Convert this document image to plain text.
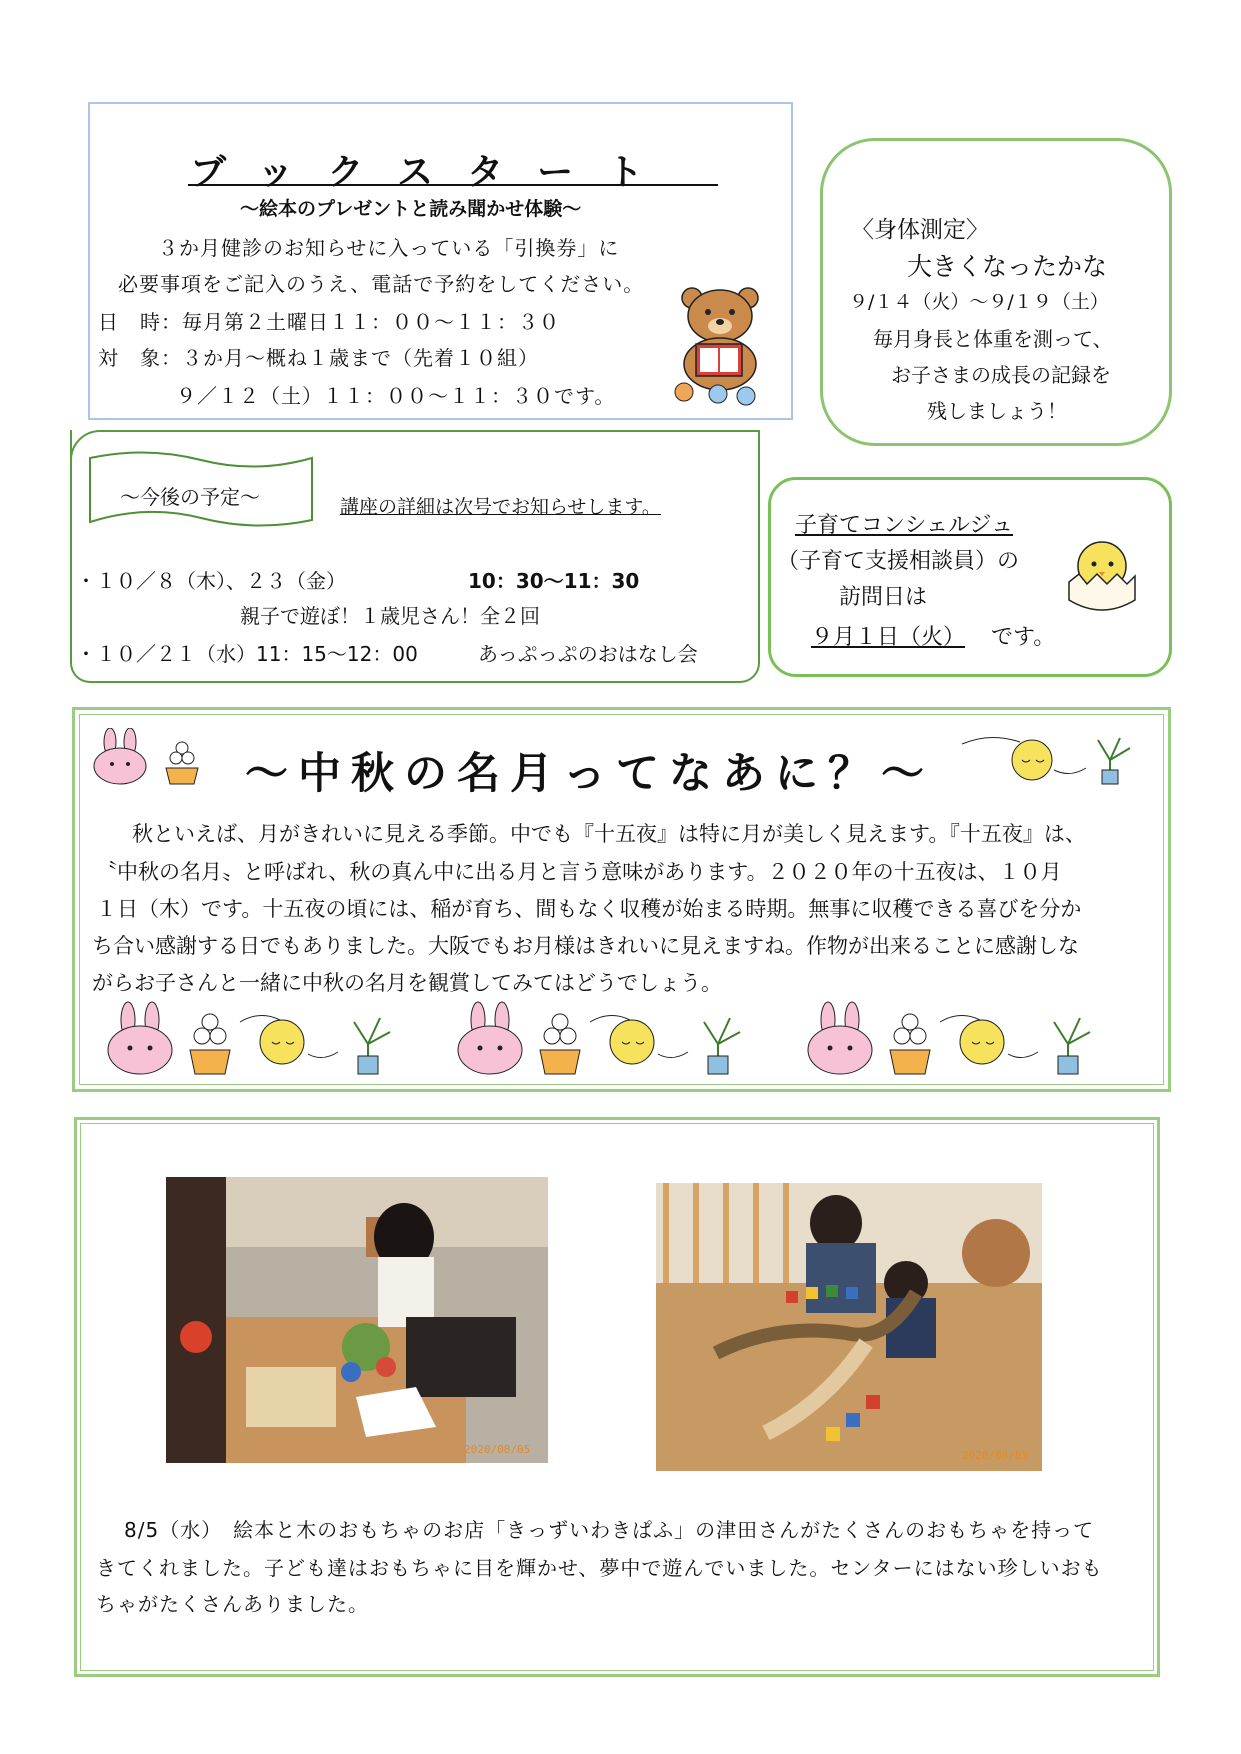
ブックスタート
～絵本のプレゼントと読み聞かせ体験～
３か月健診のお知らせに入っている「引換券」に
必要事項をご記入のうえ、電話で予約をしてください。
日　時：毎月第２土曜日１１：００～１１：３０
対　象：３か月～概ね１歳まで（先着１０組）
９／１２（土）１１：００～１１：３０です。
〈身体測定〉
大きくなったかな
９/１４（火）～９/１９（土）
毎月身長と体重を測って、
お子さまの成長の記録を
残しましょう！
～今後の予定～	講座の詳細は次号でお知らせします。
・１０／８（木）、２３（金）	10：30～11：30
親子で遊ぼ！１歳児さん！全２回
・１０／２１（水）11：15～12：00	あっぷっぷのおはなし会
子育てコンシェルジュ
（子育て支援相談員）の
訪問日は
９月１日（火） です。
～中秋の名月ってなあに？～
秋といえば、月がきれいに見える季節。中でも『十五夜』は特に月が美しく見えます。『十五夜』は、
〝中秋の名月〟と呼ばれ、秋の真ん中に出る月と言う意味があります。２０２０年の十五夜は、１０月
１日（木）です。十五夜の頃には、稲が育ち、間もなく収穫が始まる時期。無事に収穫できる喜びを分か
ち合い感謝する日でもありました。大阪でもお月様はきれいに見えますね。作物が出来ることに感謝しな
がらお子さんと一緒に中秋の名月を観賞してみてはどうでしょう。
2020/08/05	2020/08/05
8/5（水）　絵本と木のおもちゃのお店「きっずいわきぱふ」の津田さんがたくさんのおもちゃを持って
きてくれました。子ども達はおもちゃに目を輝かせ、夢中で遊んでいました。センターにはない珍しいおも
ちゃがたくさんありました。
